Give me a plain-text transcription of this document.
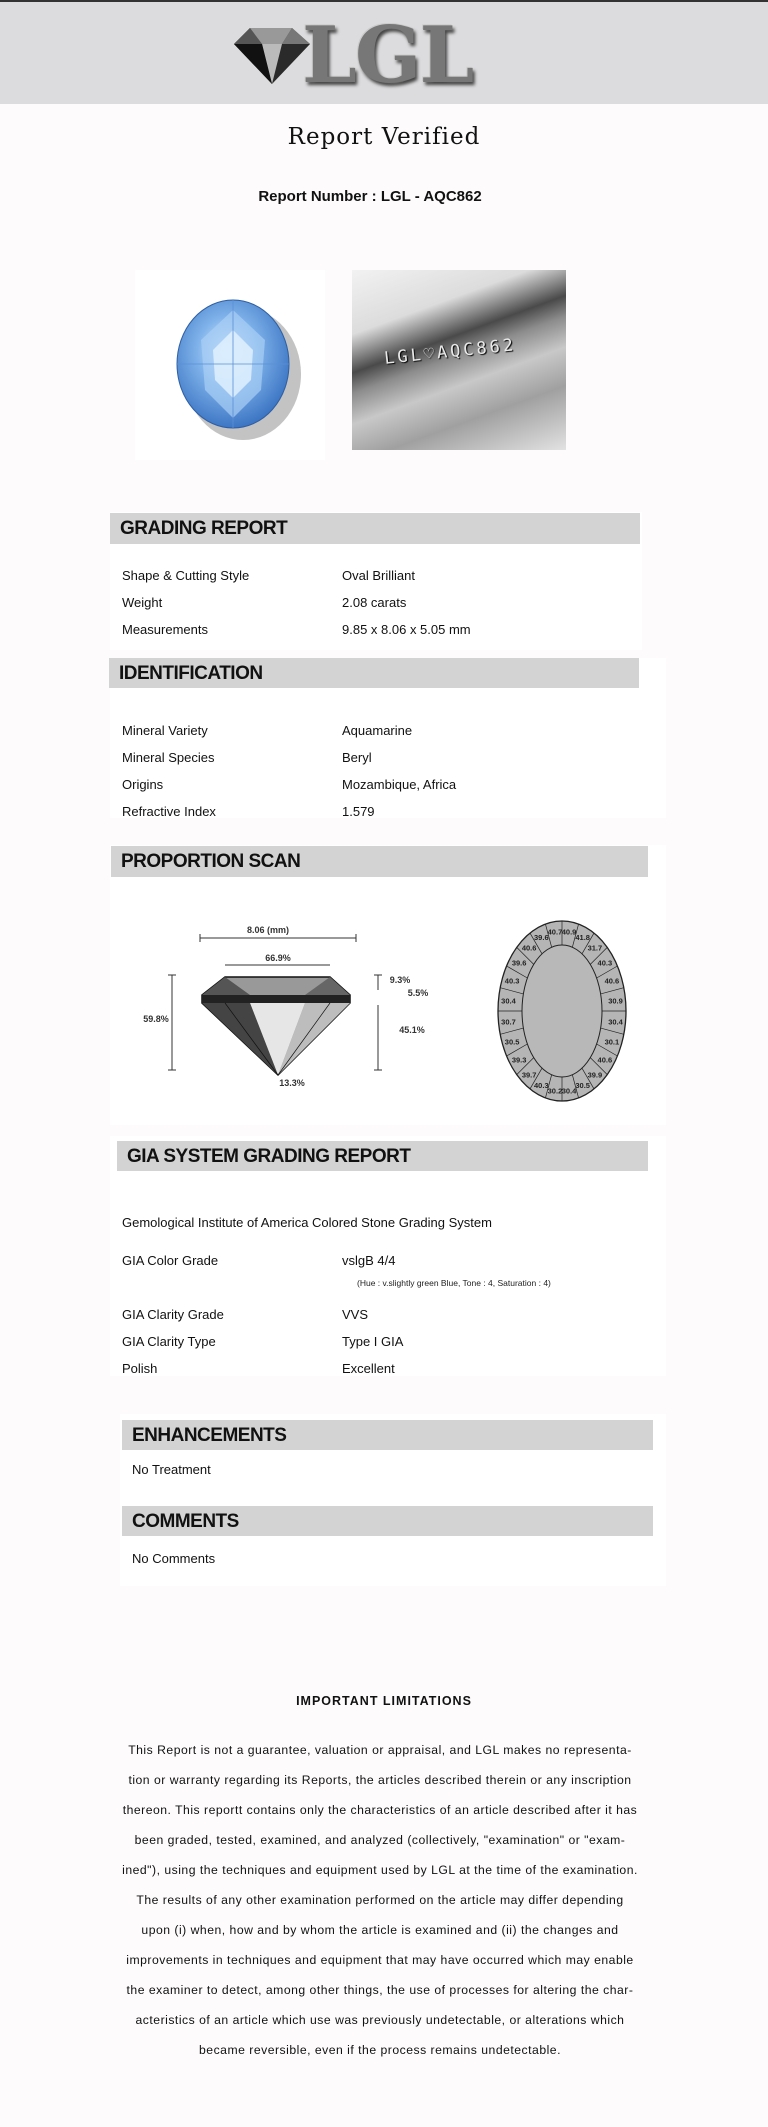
LGL
Report Verified
Report Number : LGL - AQC862
LGL♡AQC862
GRADING REPORT
Shape & Cutting Style	Oval Brilliant
Weight	2.08 carats
Measurements	9.85 x 8.06 x 5.05 mm
IDENTIFICATION
Mineral Variety	Aquamarine
Mineral Species	Beryl
Origins	Mozambique, Africa
Refractive Index	1.579
PROPORTION SCAN
8.06 (mm)
66.9%
9.3%
5.5%
59.8%
45.1%
13.3%
40.9
41.8
31.7
40.3
40.6
30.9
30.4
30.1
40.6
39.9
30.5
30.4
30.2
40.3
39.7
39.3
30.5
30.7
30.4
40.3
39.6
40.6
39.6
40.7
GIA SYSTEM GRADING REPORT
Gemological Institute of America Colored Stone Grading System
GIA Color Grade	vslgB 4/4
(Hue : v.slightly green Blue, Tone : 4, Saturation : 4)
GIA Clarity Grade	VVS
GIA Clarity Type	Type I GIA
Polish	Excellent
ENHANCEMENTS
No Treatment
COMMENTS
No Comments
IMPORTANT LIMITATIONS
This Report is not a guarantee, valuation or appraisal, and LGL makes no representa-
tion or warranty regarding its Reports, the articles described therein or any inscription
thereon. This reportt contains only the characteristics of an article described after it has
been graded, tested, examined, and analyzed (collectively, "examination" or "exam-
ined"), using the techniques and equipment used by LGL at the time of the examination.
The results of any other examination performed on the article may differ depending
upon (i) when, how and by whom the article is examined and (ii) the changes and
improvements in techniques and equipment that may have occurred which may enable
the examiner to detect, among other things, the use of processes for altering the char-
acteristics of an article which use was previously undetectable, or alterations which
became reversible, even if the process remains undetectable.
